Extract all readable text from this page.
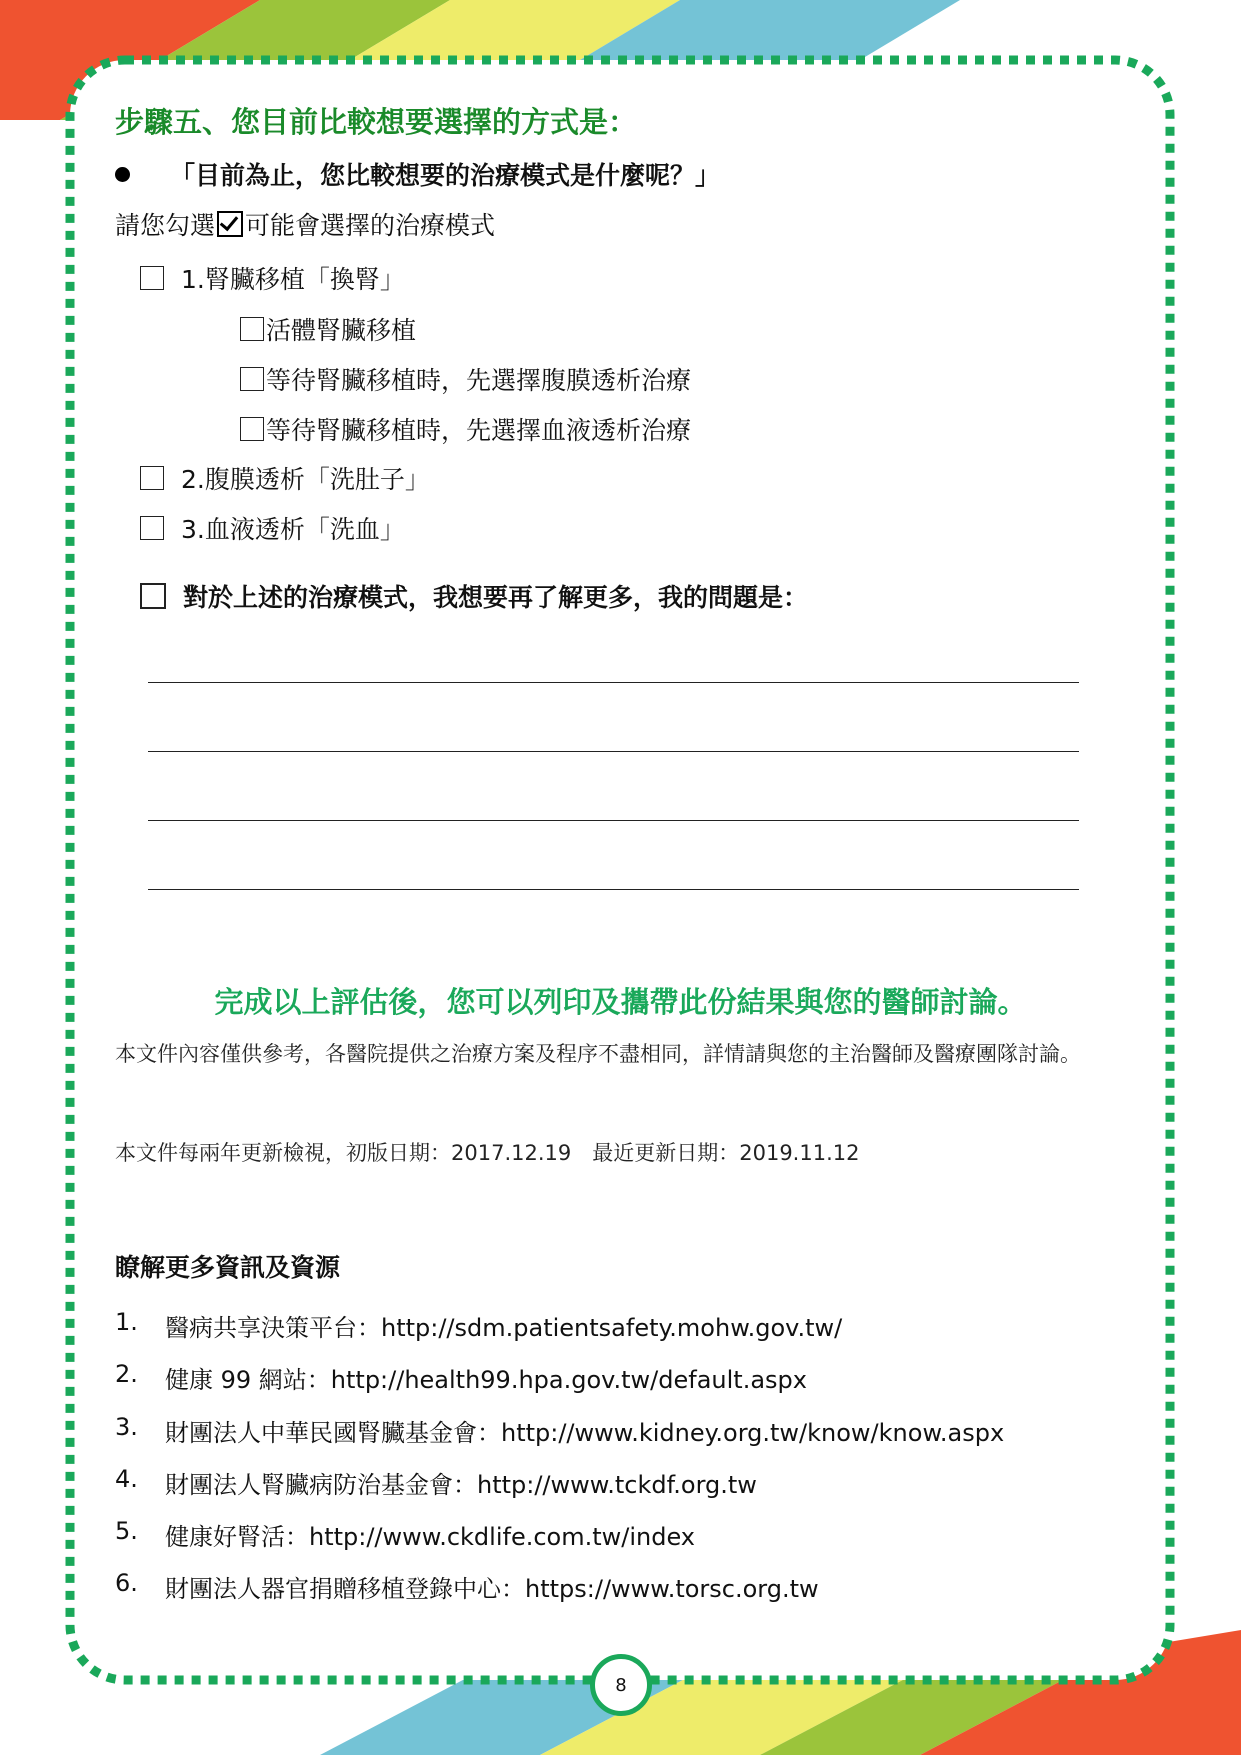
步驟五、您目前比較想要選擇的方式是：
「目前為止，您比較想要的治療模式是什麼呢？」
請您勾選 可能會選擇的治療模式
1.腎臟移植「換腎」
活體腎臟移植
等待腎臟移植時，先選擇腹膜透析治療
等待腎臟移植時，先選擇血液透析治療
2.腹膜透析「洗肚子」
3.血液透析「洗血」
對於上述的治療模式，我想要再了解更多，我的問題是：
完成以上評估後，您可以列印及攜帶此份結果與您的醫師討論。
本文件內容僅供參考，各醫院提供之治療方案及程序不盡相同，詳情請與您的主治醫師及醫療團隊討論。
本文件每兩年更新檢視，初版日期：2017.12.19　最近更新日期：2019.11.12
瞭解更多資訊及資源
1.	醫病共享決策平台：http://sdm.patientsafety.mohw.gov.tw/
2.	健康 99 網站：http://health99.hpa.gov.tw/default.aspx
3.	財團法人中華民國腎臟基金會：http://www.kidney.org.tw/know/know.aspx
4.	財團法人腎臟病防治基金會：http://www.tckdf.org.tw
5.	健康好腎活：http://www.ckdlife.com.tw/index
6.	財團法人器官捐贈移植登錄中心：https://www.torsc.org.tw
8
